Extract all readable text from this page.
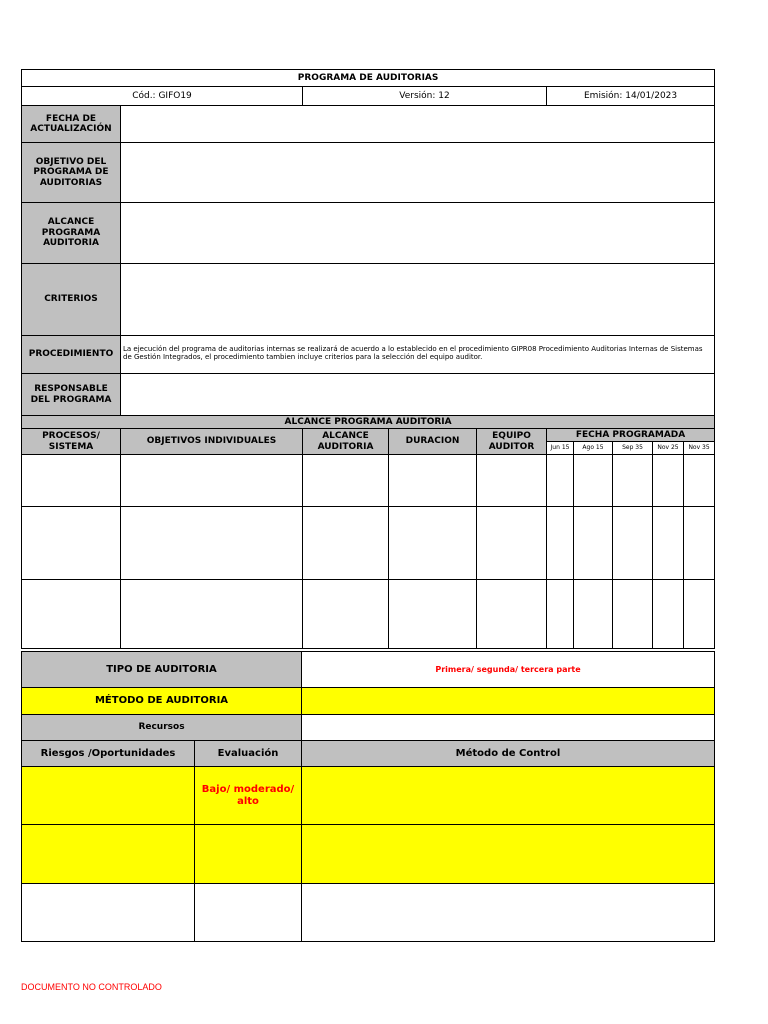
PROGRAMA DE AUDITORIAS									
Cód.: GIFO19		Versión: 12			Emisión: 14/01/2023				
FECHA DE ACTUALIZACIÓN									
OBJETIVO DEL PROGRAMA DE AUDITORIAS									
ALCANCE PROGRAMA AUDITORIA									
CRITERIOS									
PROCEDIMIENTO	La ejecución del programa de auditorias internas se realizará de acuerdo a lo establecido en el procedimiento GIPR08 Procedimiento Auditorias Internas de Sistemas de Gestión Integrados, el procedimiento tambien incluye criterios para la selección del equipo auditor.								
RESPONSABLE DEL PROGRAMA									
ALCANCE PROGRAMA AUDITORIA									
PROCESOS/ SISTEMA	OBJETIVOS INDIVIDUALES	ALCANCE AUDITORIA	DURACION	EQUIPO AUDITOR	FECHA PROGRAMADA				
					Jun 15	Ago 15	Sep 35	Nov 25	Nov 35

TIPO DE AUDITORIA		Primera/ segunda/ tercera parte
MÉTODO DE AUDITORIA		
Recursos		
Riesgos /Oportunidades	Evaluación	Método de Control
	Bajo/ moderado/ alto	

DOCUMENTO NO CONTROLADO
